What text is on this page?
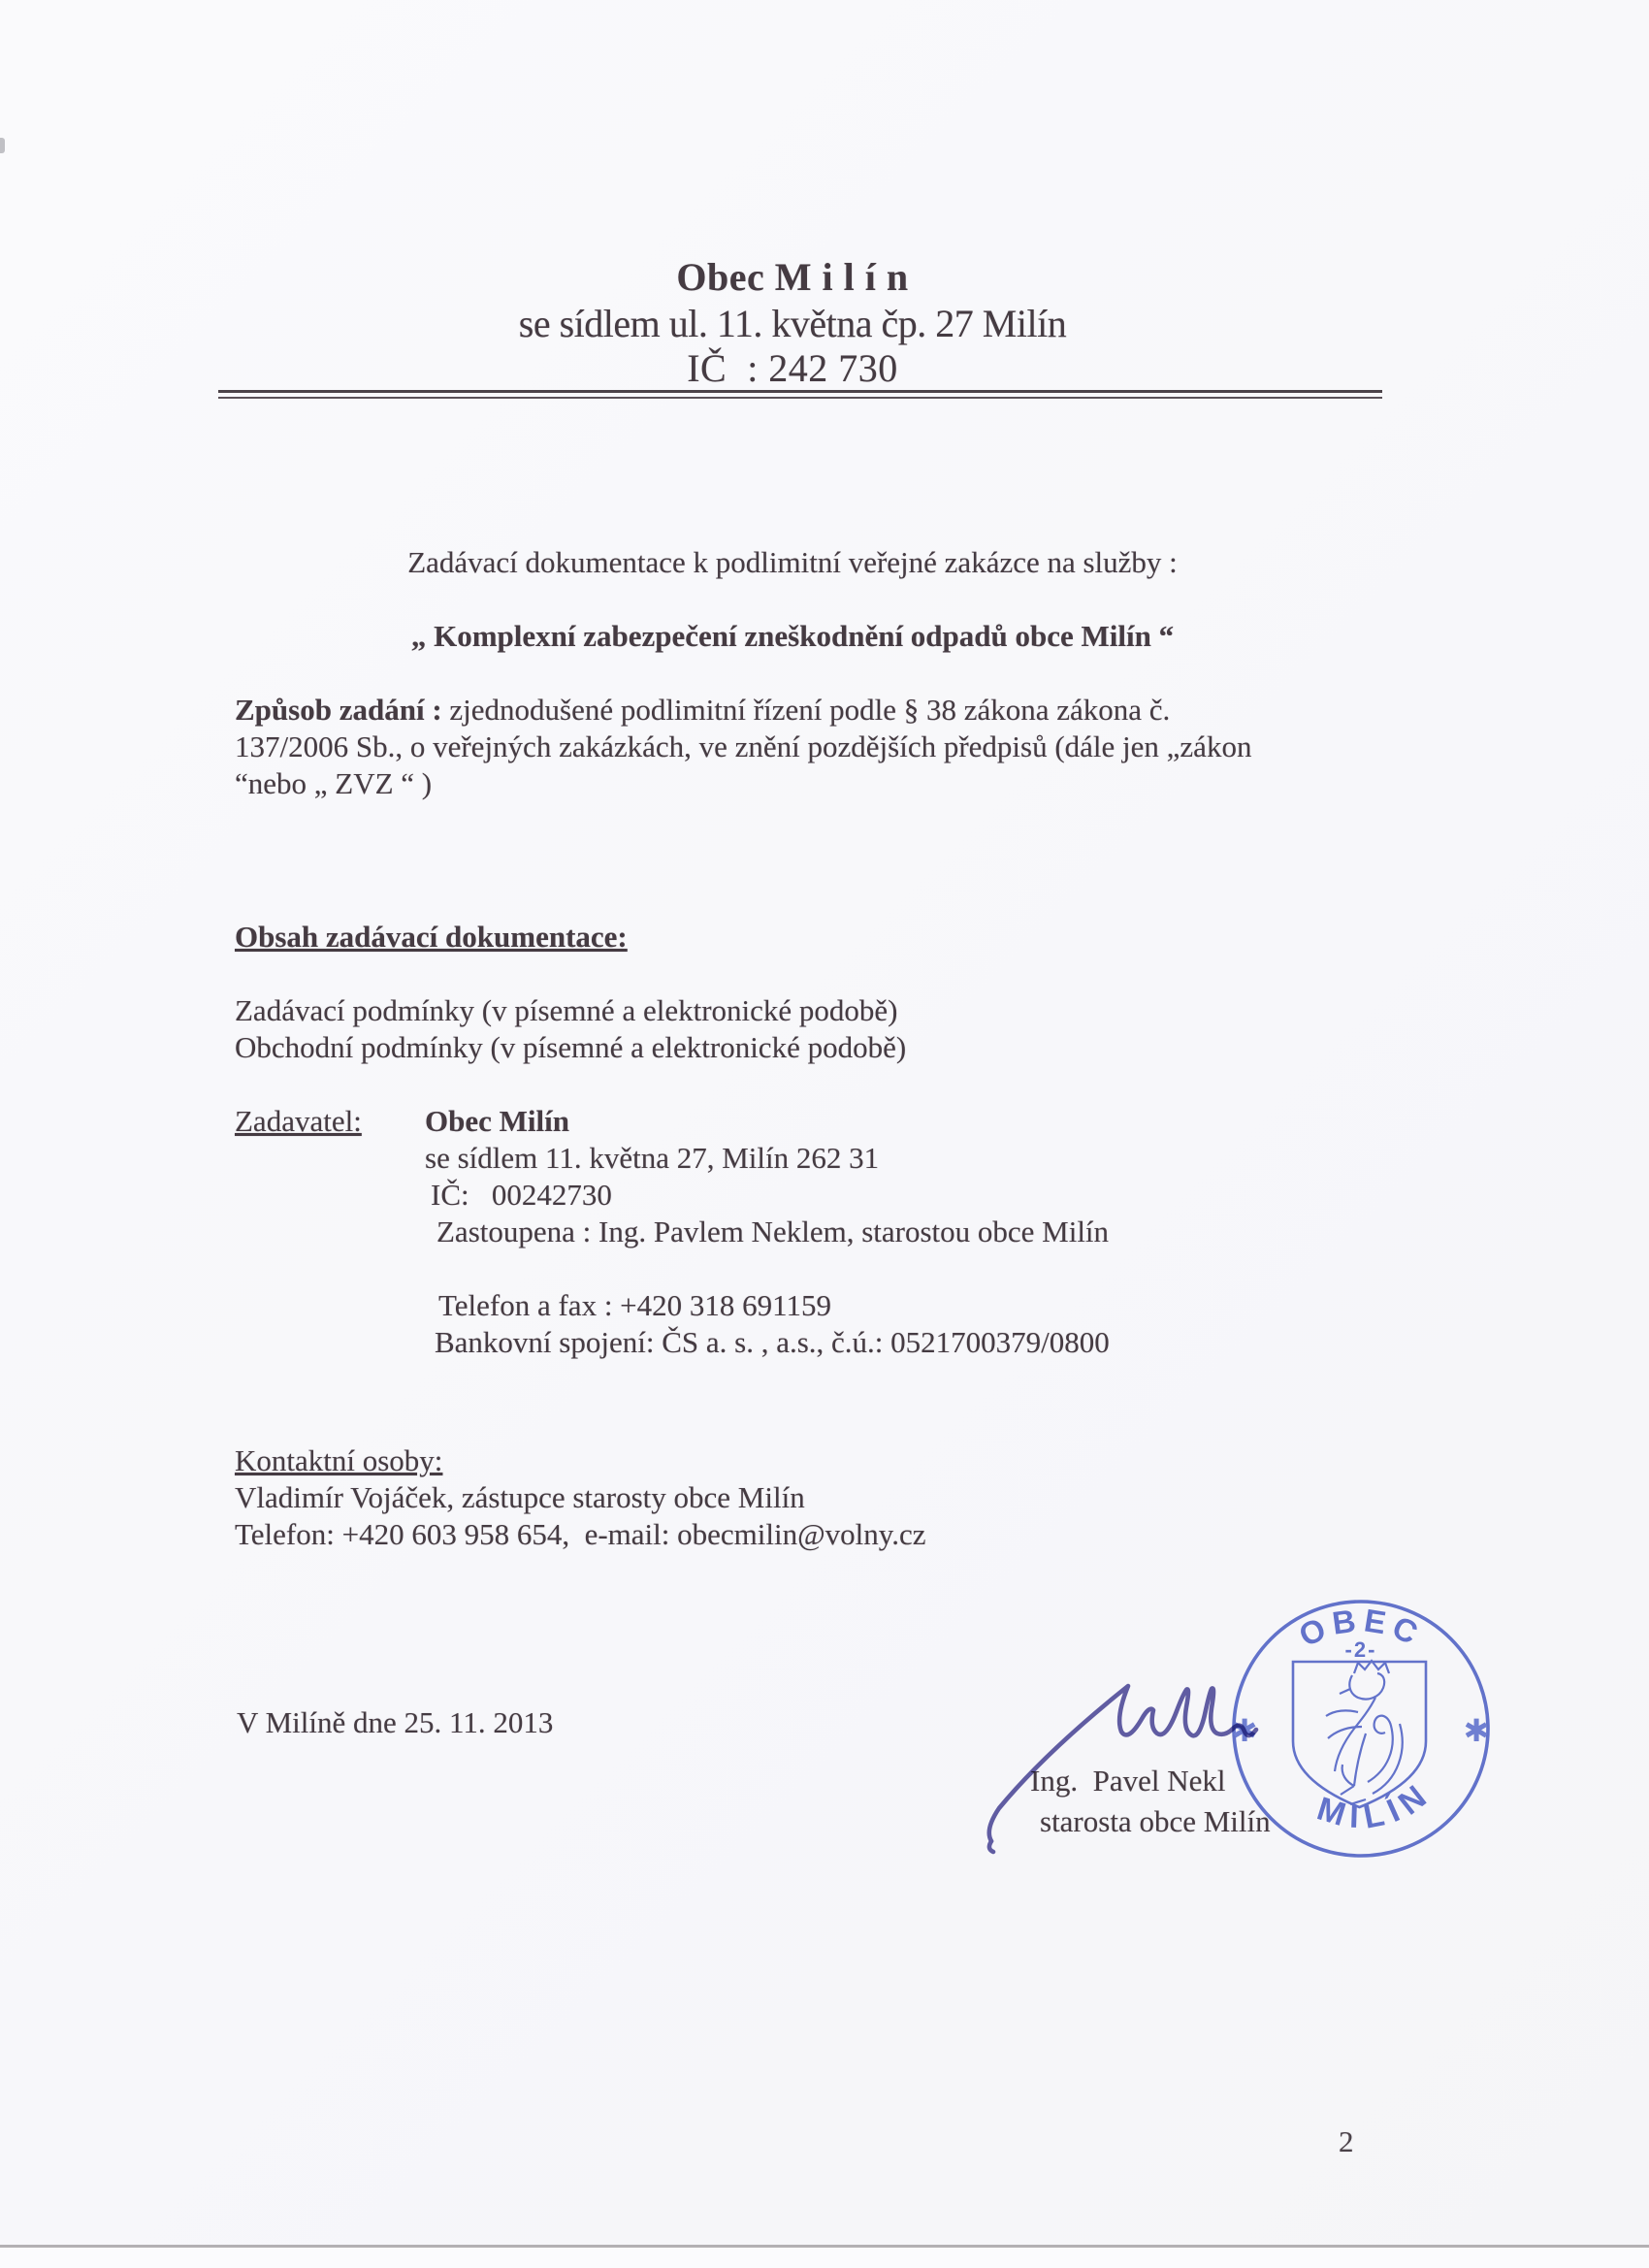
Obec M i l í n
se sídlem ul. 11. května čp. 27 Milín
IČ  : 242 730
Zadávací dokumentace k podlimitní veřejné zakázce na služby :
„ Komplexní zabezpečení zneškodnění odpadů obce Milín “
Způsob zadání : zjednodušené podlimitní řízení podle § 38 zákona zákona č.
137/2006 Sb., o veřejných zakázkách, ve znění pozdějších předpisů (dále jen „zákon
“nebo „ ZVZ “ )
Obsah zadávací dokumentace:
Zadávací podmínky (v písemné a elektronické podobě)
Obchodní podmínky (v písemné a elektronické podobě)
Zadavatel: Obec Milín
se sídlem 11. května 27, Milín 262 31
IČ:   00242730
Zastoupena : Ing. Pavlem Neklem, starostou obce Milín
Telefon a fax : +420 318 691159
Bankovní spojení: ČS a. s. , a.s., č.ú.: 0521700379/0800
Kontaktní osoby:
Vladimír Vojáček, zástupce starosty obce Milín
Telefon: +420 603 958 654,  e-mail: obecmilin@volny.cz
V Milíně dne 25. 11. 2013
Ing.  Pavel Nekl
starosta obce Milín
OBEC
-2-
MILÍN
✱	✱
2
